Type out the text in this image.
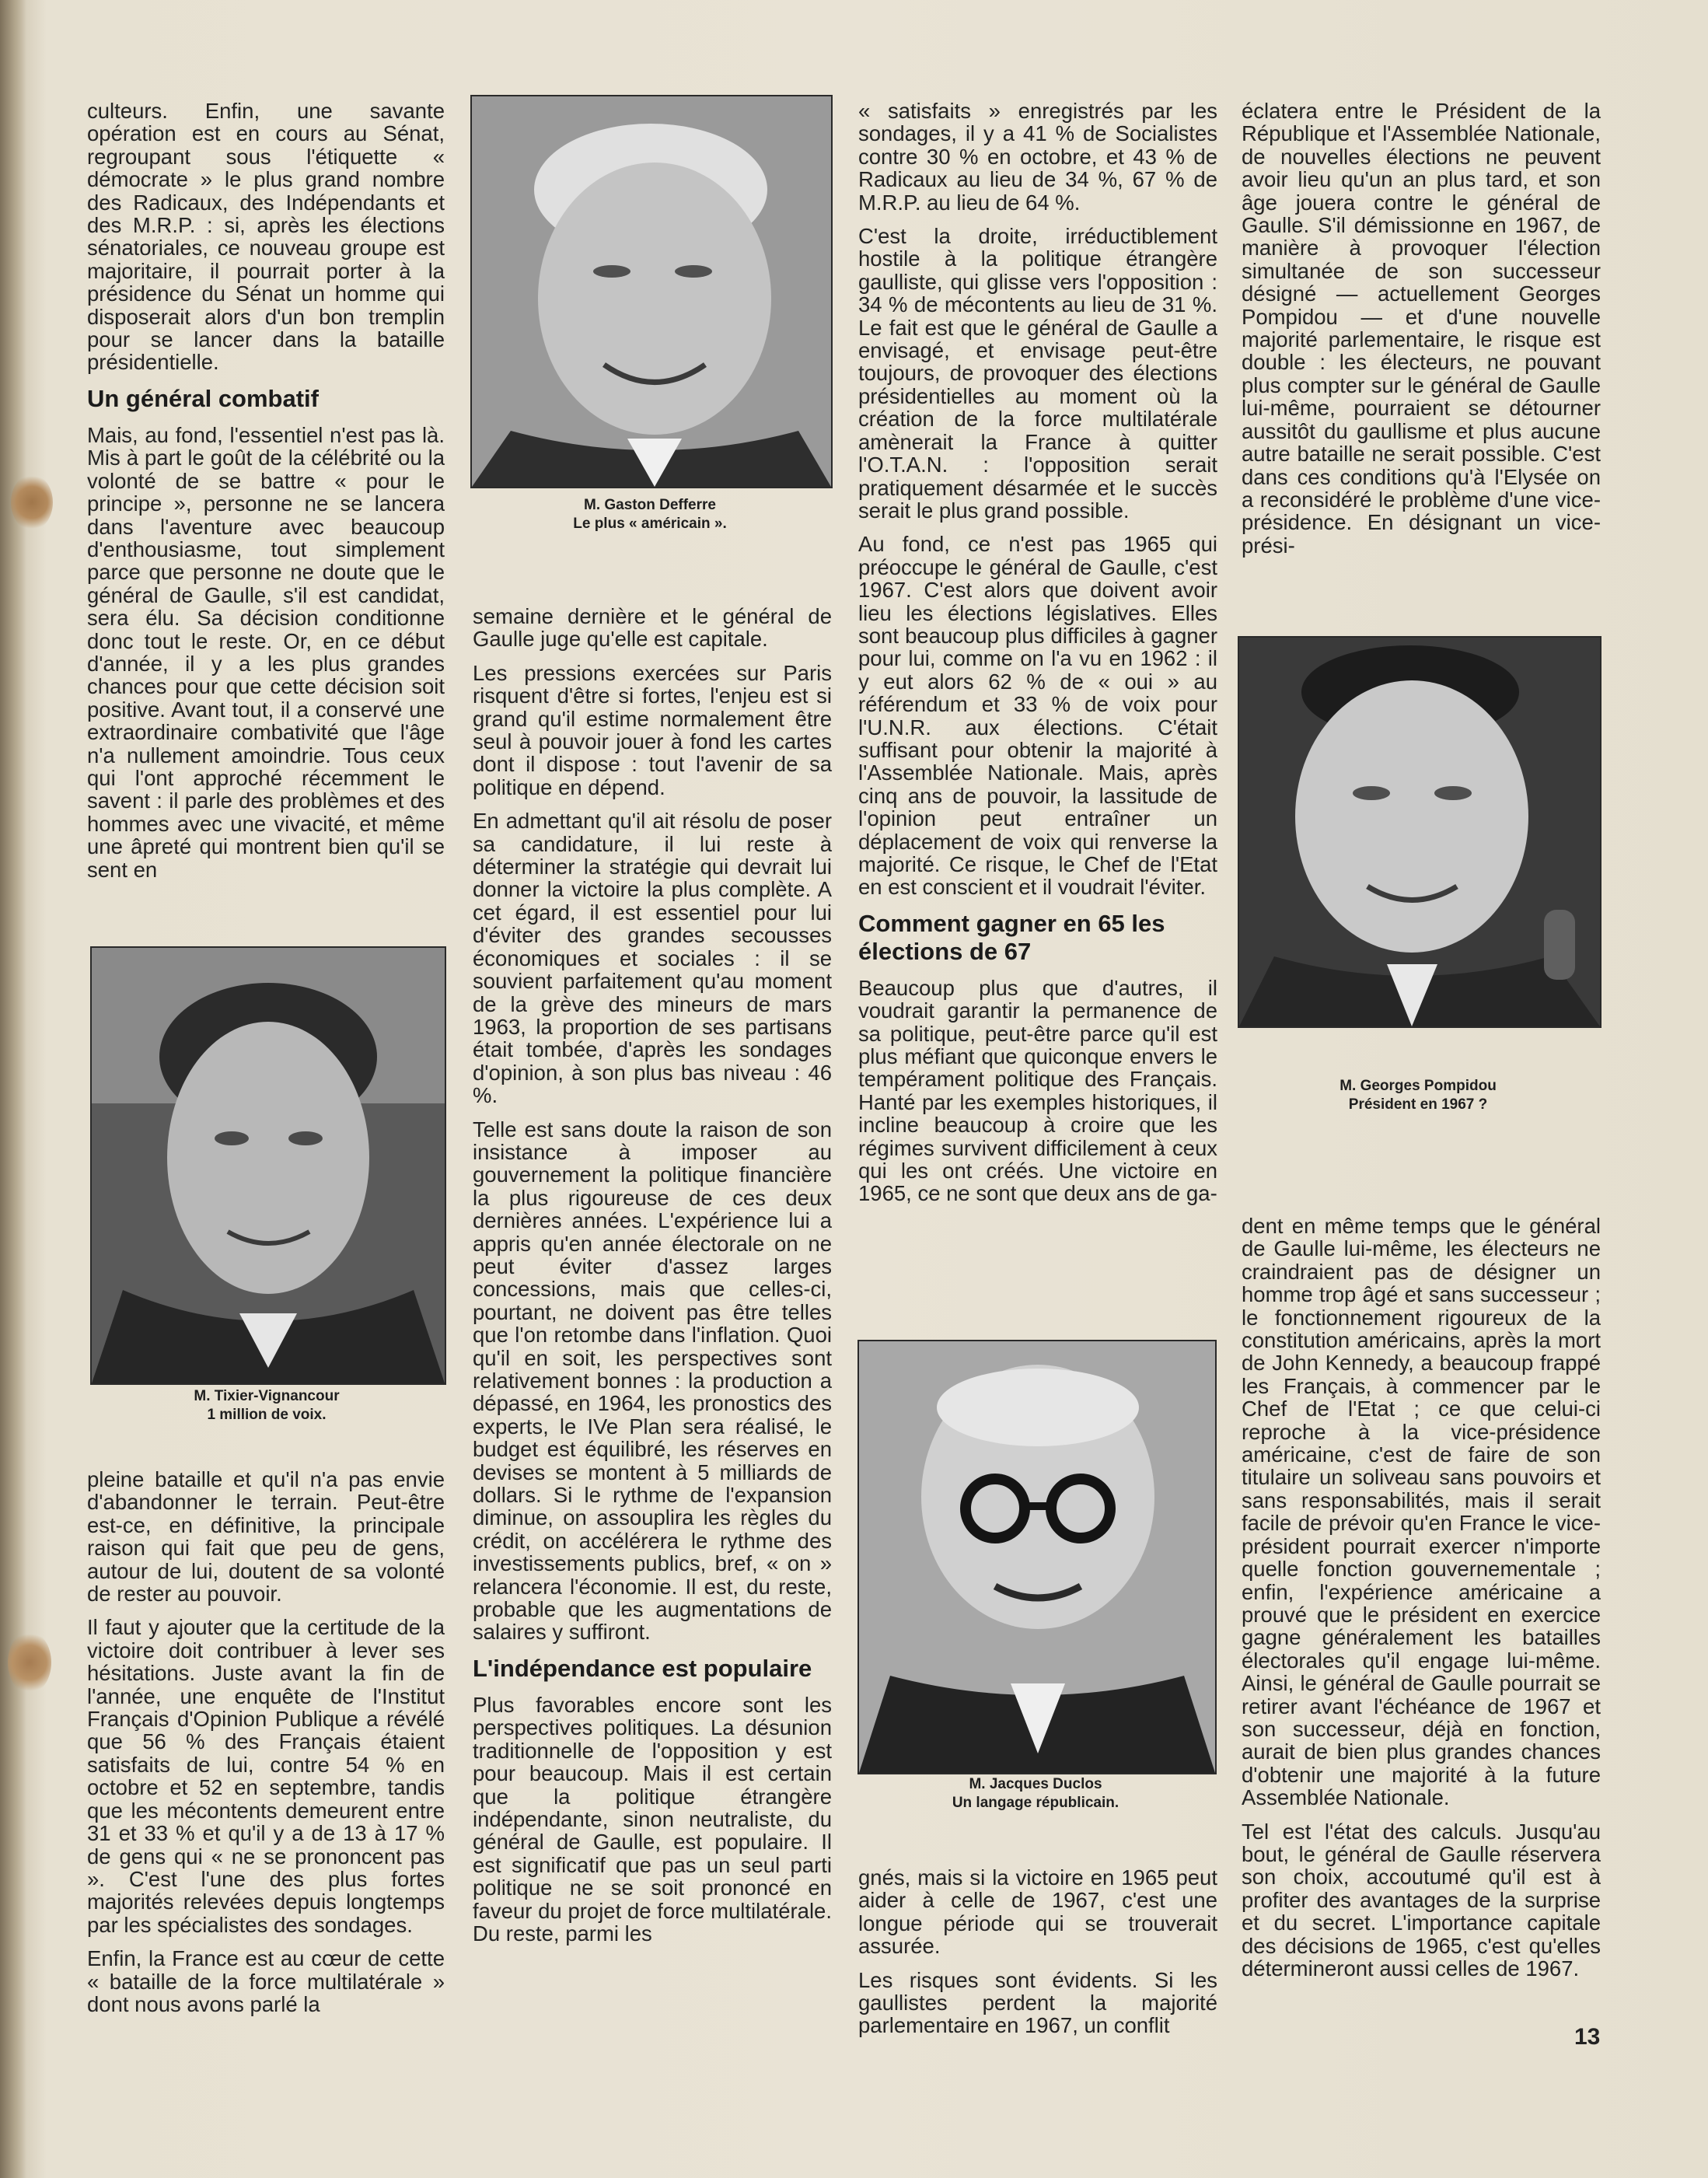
culteurs. Enfin, une savante opération est en cours au Sénat, regroupant sous l'étiquette « démocrate » le plus grand nombre des Radicaux, des Indépendants et des M.R.P. : si, après les élections sénatoriales, ce nouveau groupe est majoritaire, il pourrait porter à la présidence du Sénat un homme qui disposerait alors d'un bon tremplin pour se lancer dans la bataille présidentielle.

Un général combatif

Mais, au fond, l'essentiel n'est pas là. Mis à part le goût de la célébrité ou la volonté de se battre « pour le principe », personne ne se lancera dans l'aventure avec beaucoup d'enthousiasme, tout simplement parce que personne ne doute que le général de Gaulle, s'il est candidat, sera élu. Sa décision conditionne donc tout le reste. Or, en ce début d'année, il y a les plus grandes chances pour que cette décision soit positive. Avant tout, il a conservé une extraordinaire combativité que l'âge n'a nullement amoindrie. Tous ceux qui l'ont approché récemment le savent : il parle des problèmes et des hommes avec une vivacité, et même une âpreté qui montrent bien qu'il se sent en

M. Tixier-Vignancour
1 million de voix.

pleine bataille et qu'il n'a pas envie d'abandonner le terrain. Peut-être est-ce, en définitive, la principale raison qui fait que peu de gens, autour de lui, doutent de sa volonté de rester au pouvoir.

Il faut y ajouter que la certitude de la victoire doit contribuer à lever ses hésitations. Juste avant la fin de l'année, une enquête de l'Institut Français d'Opinion Publique a révélé que 56 % des Français étaient satisfaits de lui, contre 54 % en octobre et 52 en septembre, tandis que les mécontents demeurent entre 31 et 33 % et qu'il y a de 13 à 17 % de gens qui « ne se prononcent pas ». C'est l'une des plus fortes majorités relevées depuis longtemps par les spécialistes des sondages.

Enfin, la France est au cœur de cette « bataille de la force multilatérale » dont nous avons parlé la

M. Gaston Defferre
Le plus « américain ».

semaine dernière et le général de Gaulle juge qu'elle est capitale.

Les pressions exercées sur Paris risquent d'être si fortes, l'enjeu est si grand qu'il estime normalement être seul à pouvoir jouer à fond les cartes dont il dispose : tout l'avenir de sa politique en dépend.

En admettant qu'il ait résolu de poser sa candidature, il lui reste à déterminer la stratégie qui devrait lui donner la victoire la plus complète. A cet égard, il est essentiel pour lui d'éviter des grandes secousses économiques et sociales : il se souvient parfaitement qu'au moment de la grève des mineurs de mars 1963, la proportion de ses partisans était tombée, d'après les sondages d'opinion, à son plus bas niveau : 46 %.

Telle est sans doute la raison de son insistance à imposer au gouvernement la politique financière la plus rigoureuse de ces deux dernières années. L'expérience lui a appris qu'en année électorale on ne peut éviter d'assez larges concessions, mais que celles-ci, pourtant, ne doivent pas être telles que l'on retombe dans l'inflation. Quoi qu'il en soit, les perspectives sont relativement bonnes : la production a dépassé, en 1964, les pronostics des experts, le IVe Plan sera réalisé, le budget est équilibré, les réserves en devises se montent à 5 milliards de dollars. Si le rythme de l'expansion diminue, on assouplira les règles du crédit, on accélérera le rythme des investissements publics, bref, « on » relancera l'économie. Il est, du reste, probable que les augmentations de salaires y suffiront.

L'indépendance est populaire

Plus favorables encore sont les perspectives politiques. La désunion traditionnelle de l'opposition y est pour beaucoup. Mais il est certain que la politique étrangère indépendante, sinon neutraliste, du général de Gaulle, est populaire. Il est significatif que pas un seul parti politique ne se soit prononcé en faveur du projet de force multilatérale. Du reste, parmi les

« satisfaits » enregistrés par les sondages, il y a 41 % de Socialistes contre 30 % en octobre, et 43 % de Radicaux au lieu de 34 %, 67 % de M.R.P. au lieu de 64 %.

C'est la droite, irréductiblement hostile à la politique étrangère gaulliste, qui glisse vers l'opposition : 34 % de mécontents au lieu de 31 %. Le fait est que le général de Gaulle a envisagé, et envisage peut-être toujours, de provoquer des élections présidentielles au moment où la création de la force multilatérale amènerait la France à quitter l'O.T.A.N. : l'opposition serait pratiquement désarmée et le succès serait le plus grand possible.

Au fond, ce n'est pas 1965 qui préoccupe le général de Gaulle, c'est 1967. C'est alors que doivent avoir lieu les élections législatives. Elles sont beaucoup plus difficiles à gagner pour lui, comme on l'a vu en 1962 : il y eut alors 62 % de « oui » au référendum et 33 % de voix pour l'U.N.R. aux élections. C'était suffisant pour obtenir la majorité à l'Assemblée Nationale. Mais, après cinq ans de pouvoir, la lassitude de l'opinion peut entraîner un déplacement de voix qui renverse la majorité. Ce risque, le Chef de l'Etat en est conscient et il voudrait l'éviter.

Comment gagner en 65 les élections de 67

Beaucoup plus que d'autres, il voudrait garantir la permanence de sa politique, peut-être parce qu'il est plus méfiant que quiconque envers le tempérament politique des Français. Hanté par les exemples historiques, il incline beaucoup à croire que les régimes survivent difficilement à ceux qui les ont créés. Une victoire en 1965, ce ne sont que deux ans de ga-

M. Jacques Duclos
Un langage républicain.

gnés, mais si la victoire en 1965 peut aider à celle de 1967, c'est une longue période qui se trouverait assurée.

Les risques sont évidents. Si les gaullistes perdent la majorité parlementaire en 1967, un conflit

éclatera entre le Président de la République et l'Assemblée Nationale, de nouvelles élections ne peuvent avoir lieu qu'un an plus tard, et son âge jouera contre le général de Gaulle. S'il démissionne en 1967, de manière à provoquer l'élection simultanée de son successeur désigné — actuellement Georges Pompidou — et d'une nouvelle majorité parlementaire, le risque est double : les électeurs, ne pouvant plus compter sur le général de Gaulle lui-même, pourraient se détourner aussitôt du gaullisme et plus aucune autre bataille ne serait possible. C'est dans ces conditions qu'à l'Elysée on a reconsidéré le problème d'une vice-présidence. En désignant un vice-prési-

M. Georges Pompidou
Président en 1967 ?

dent en même temps que le général de Gaulle lui-même, les électeurs ne craindraient pas de désigner un homme trop âgé et sans successeur ; le fonctionnement rigoureux de la constitution américains, après la mort de John Kennedy, a beaucoup frappé les Français, à commencer par le Chef de l'Etat ; ce que celui-ci reproche à la vice-présidence américaine, c'est de faire de son titulaire un soliveau sans pouvoirs et sans responsabilités, mais il serait facile de prévoir qu'en France le vice-président pourrait exercer n'importe quelle fonction gouvernementale ; enfin, l'expérience américaine a prouvé que le président en exercice gagne généralement les batailles électorales qu'il engage lui-même. Ainsi, le général de Gaulle pourrait se retirer avant l'échéance de 1967 et son successeur, déjà en fonction, aurait de bien plus grandes chances d'obtenir une majorité à la future Assemblée Nationale.

Tel est l'état des calculs. Jusqu'au bout, le général de Gaulle réservera son choix, accoutumé qu'il est à profiter des avantages de la surprise et du secret. L'importance capitale des décisions de 1965, c'est qu'elles détermineront aussi celles de 1967.

13
